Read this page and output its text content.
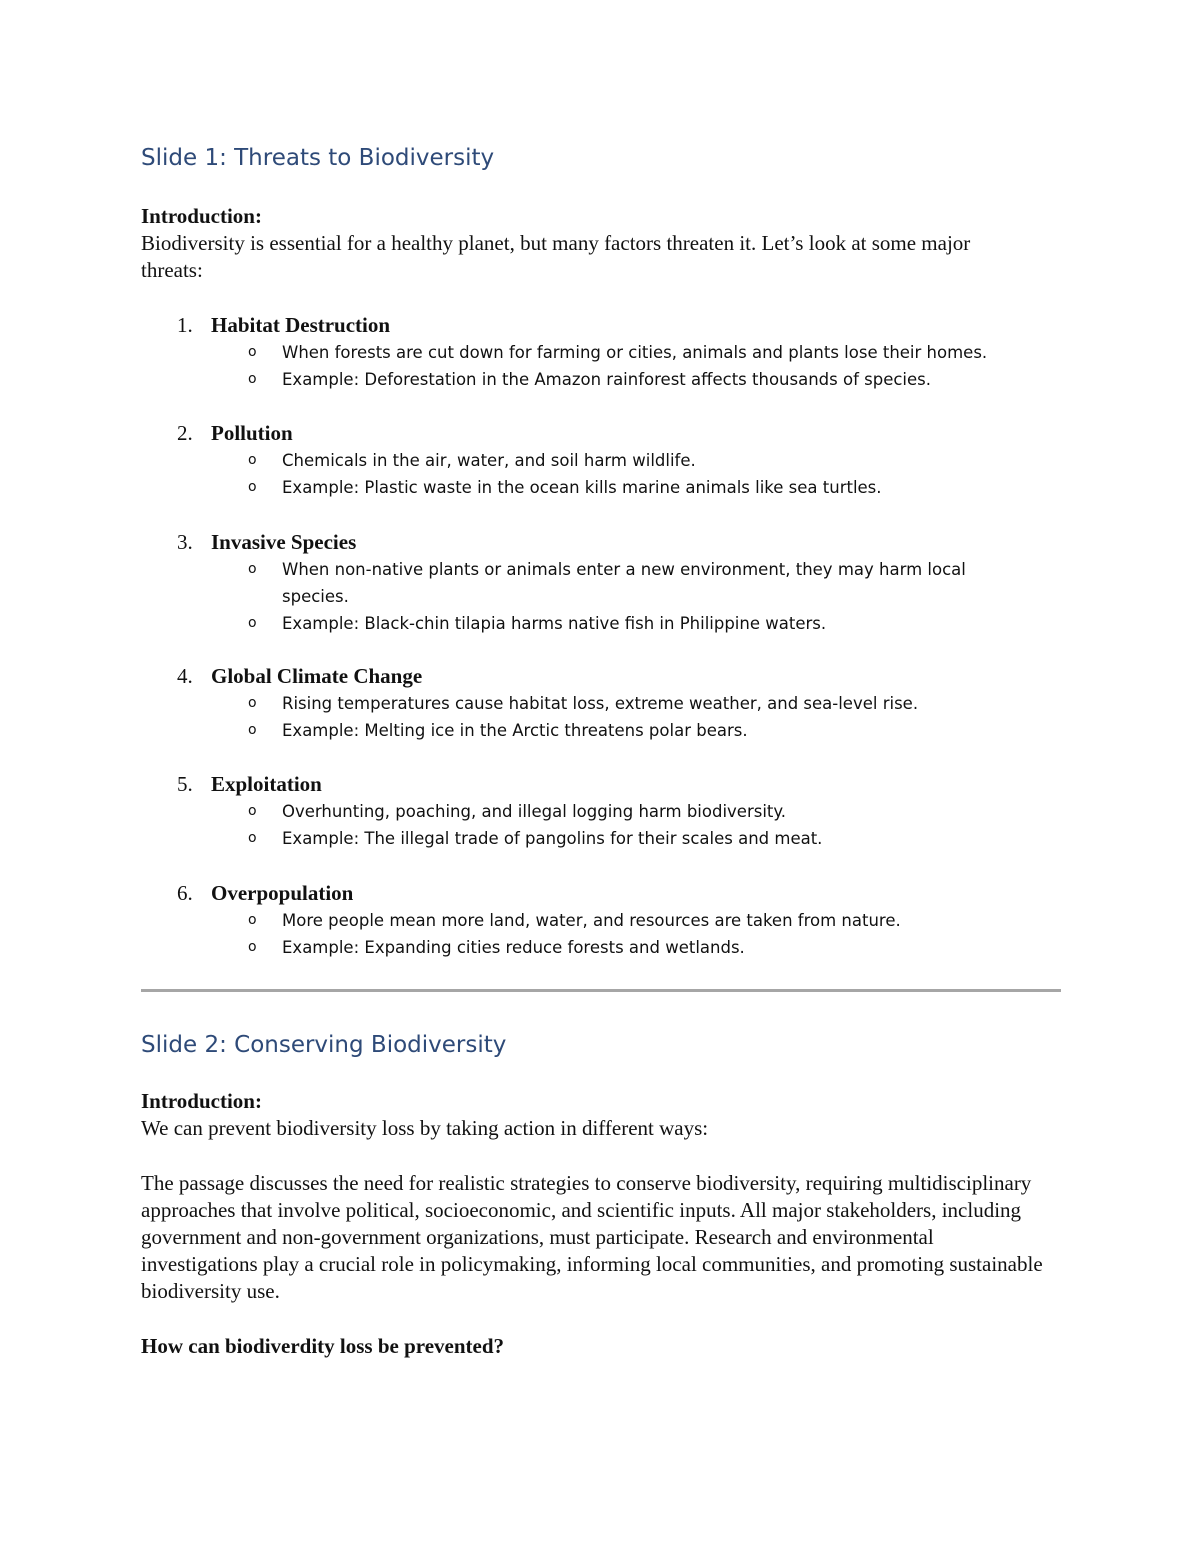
Slide 1: Threats to Biodiversity
Introduction:
Biodiversity is essential for a healthy planet, but many factors threaten it. Let’s look at some major threats:
1. Habitat Destruction
o When forests are cut down for farming or cities, animals and plants lose their homes.
o Example: Deforestation in the Amazon rainforest affects thousands of species.
2. Pollution
o Chemicals in the air, water, and soil harm wildlife.
o Example: Plastic waste in the ocean kills marine animals like sea turtles.
3. Invasive Species
o When non-native plants or animals enter a new environment, they may harm local species.
o Example: Black-chin tilapia harms native fish in Philippine waters.
4. Global Climate Change
o Rising temperatures cause habitat loss, extreme weather, and sea-level rise.
o Example: Melting ice in the Arctic threatens polar bears.
5. Exploitation
o Overhunting, poaching, and illegal logging harm biodiversity.
o Example: The illegal trade of pangolins for their scales and meat.
6. Overpopulation
o More people mean more land, water, and resources are taken from nature.
o Example: Expanding cities reduce forests and wetlands.
Slide 2: Conserving Biodiversity
Introduction:
We can prevent biodiversity loss by taking action in different ways:
The passage discusses the need for realistic strategies to conserve biodiversity, requiring multidisciplinary approaches that involve political, socioeconomic, and scientific inputs. All major stakeholders, including government and non-government organizations, must participate. Research and environmental investigations play a crucial role in policymaking, informing local communities, and promoting sustainable biodiversity use.
How can biodiverdity loss be prevented?
